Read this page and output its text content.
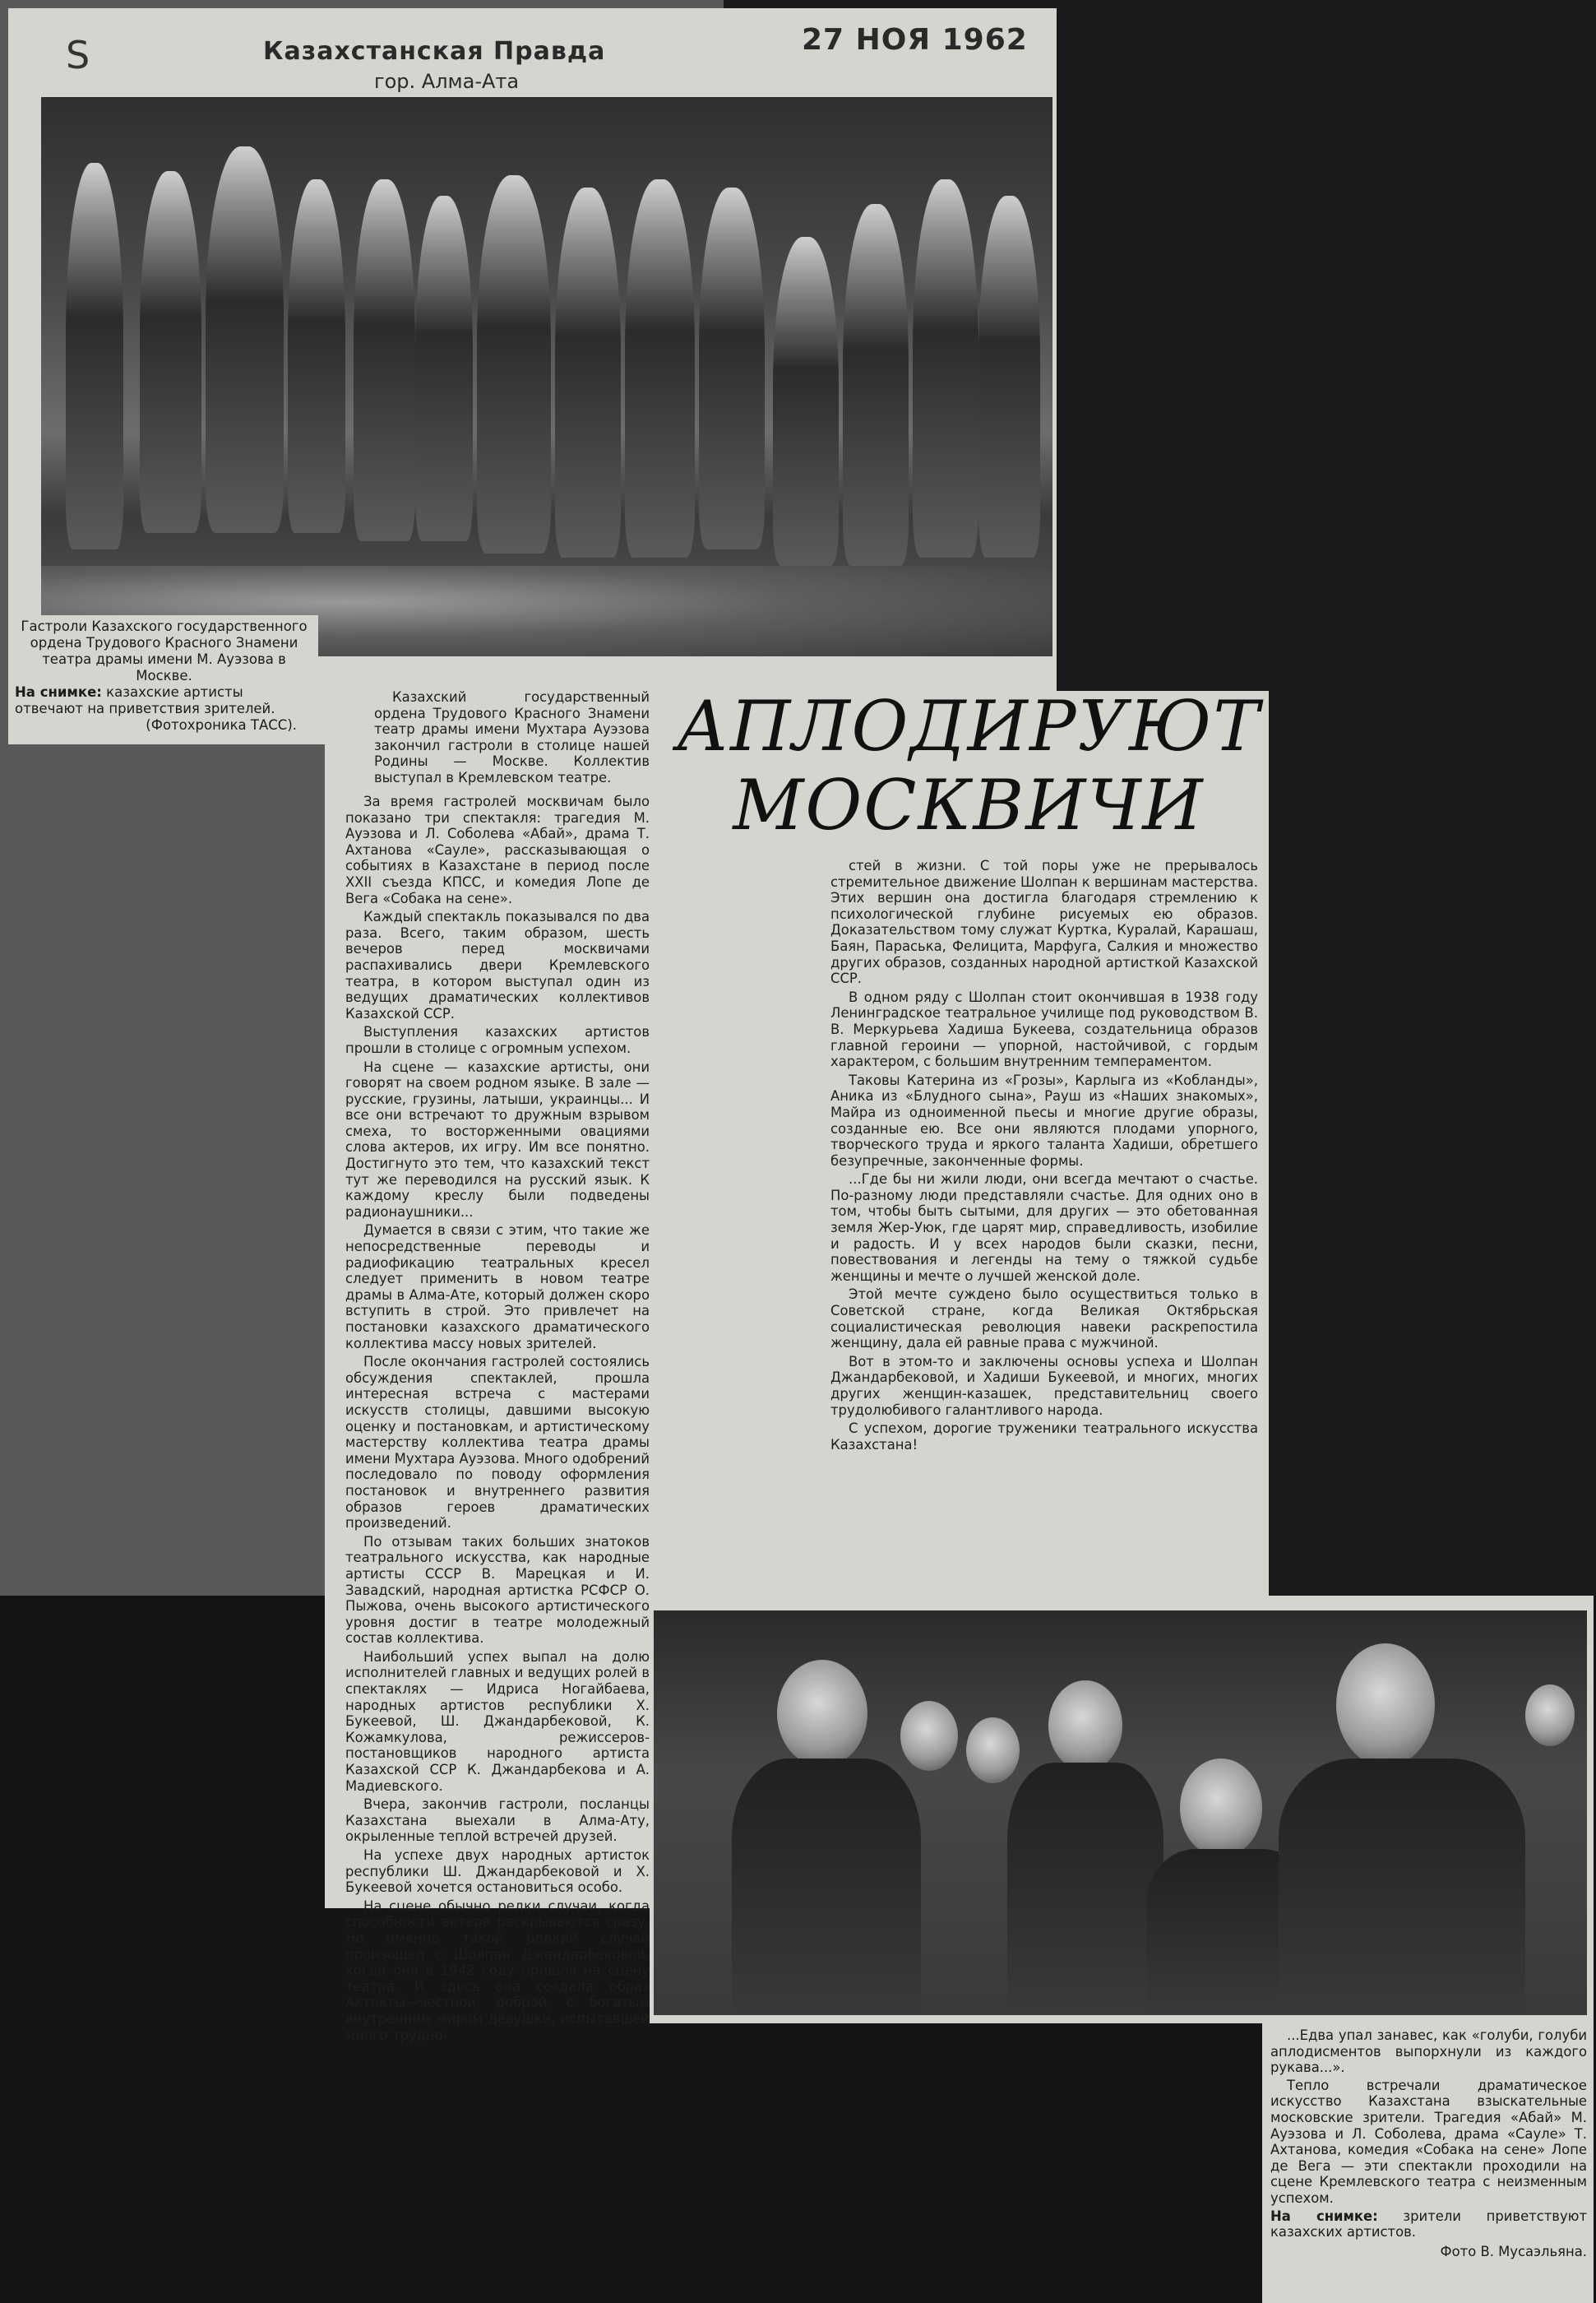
S	Казахстанская Правда
гор. Алма-Ата
27 НОЯ 1962
Гастроли Казахского государственного ордена Трудового Красного Знамени театра драмы имени М. Ауэзова в Москве.
На снимке: казахские артисты отвечают на приветствия зрителей.
(Фотохроника ТАСС).	АПЛОДИРУЮТ
МОСКВИЧИ

Казахский государственный ордена Трудового Красного Знамени театр драмы имени Мухтара Ауэзова закончил гастроли в столице нашей Родины — Москве. Коллектив выступал в Кремлевском театре.

За время гастролей москвичам было показано три спектакля: трагедия М. Ауэзова и Л. Соболева «Абай», драма Т. Ахтанова «Сауле», рассказывающая о событиях в Казахстане в период после XXII съезда КПСС, и комедия Лопе де Вега «Собака на сене».

Каждый спектакль показывался по два раза. Всего, таким образом, шесть вечеров перед москвичами распахивались двери Кремлевского театра, в котором выступал один из ведущих драматических коллективов Казахской ССР.

Выступления казахских артистов прошли в столице с огромным успехом.

На сцене — казахские артисты, они говорят на своем родном языке. В зале — русские, грузины, латыши, украинцы... И все они встречают то дружным взрывом смеха, то восторженными овациями слова актеров, их игру. Им все понятно. Достигнуто это тем, что казахский текст тут же переводился на русский язык. К каждому креслу были подведены радионаушники...

Думается в связи с этим, что такие же непосредственные переводы и радиофикацию театральных кресел следует применить в новом театре драмы в Алма-Ате, который должен скоро вступить в строй. Это привлечет на постановки казахского драматического коллектива массу новых зрителей.

После окончания гастролей состоялись обсуждения спектаклей, прошла интересная встреча с мастерами искусств столицы, давшими высокую оценку и постановкам, и артистическому мастерству коллектива театра драмы имени Мухтара Ауэзова. Много одобрений последовало по поводу оформления постановок и внутреннего развития образов героев драматических произведений.

По отзывам таких больших знатоков театрального искусства, как народные артисты СССР В. Марецкая и И. Завадский, народная артистка РСФСР О. Пыжова, очень высокого артистического уровня достиг в театре молодежный состав коллектива.

Наибольший успех выпал на долю исполнителей главных и ведущих ролей в спектаклях — Идриса Ногайбаева, народных артистов республики Х. Букеевой, Ш. Джандарбековой, К. Кожамкулова, режиссеров-постановщиков народного артиста Казахской ССР К. Джандарбекова и А. Мадиевского.

Вчера, закончив гастроли, посланцы Казахстана выехали в Алма-Ату, окрыленные теплой встречей друзей.

На успехе двух народных артисток республики Ш. Джандарбековой и Х. Букеевой хочется остановиться особо.

На сцене обычно редки случаи, когда способности актера раскрываются сразу. Но именно такой редкий случай произошел с Шолпан Джандарбековой, когда она в 1942 году пришла на сцену театра. И здесь она создала образ Актокты—честной, доброй, с богатым внутренним миром девушки, испытавшей много трудно-

стей в жизни. С той поры уже не прерывалось стремительное движение Шолпан к вершинам мастерства. Этих вершин она достигла благодаря стремлению к психологической глубине рисуемых ею образов. Доказательством тому служат Куртка, Куралай, Карашаш, Баян, Параська, Фелицита, Марфуга, Салкия и множество других образов, созданных народной артисткой Казахской ССР.

В одном ряду с Шолпан стоит окончившая в 1938 году Ленинградское театральное училище под руководством В. В. Меркурьева Хадиша Букеева, создательница образов главной героини — упорной, настойчивой, с гордым характером, с большим внутренним темпераментом.

Таковы Катерина из «Грозы», Карлыга из «Кобланды», Аника из «Блудного сына», Рауш из «Наших знакомых», Майра из одноименной пьесы и многие другие образы, созданные ею. Все они являются плодами упорного, творческого труда и яркого таланта Хадиши, обретшего безупречные, законченные формы.

...Где бы ни жили люди, они всегда мечтают о счастье. По-разному люди представляли счастье. Для одних оно в том, чтобы быть сытыми, для других — это обетованная земля Жер-Уюк, где царят мир, справедливость, изобилие и радость. И у всех народов были сказки, песни, повествования и легенды на тему о тяжкой судьбе женщины и мечте о лучшей женской доле.

Этой мечте суждено было осуществиться только в Советской стране, когда Великая Октябрьская социалистическая революция навеки раскрепостила женщину, дала ей равные права с мужчиной.

Вот в этом-то и заключены основы успеха и Шолпан Джандарбековой, и Хадиши Букеевой, и многих, многих других женщин-казашек, представительниц своего трудолюбивого галантливого народа.

С успехом, дорогие труженики театрального искусства Казахстана!

...Едва упал занавес, как «голуби, голуби аплодисментов выпорхнули из каждого рукава...».

Тепло встречали драматическое искусство Казахстана взыскательные московские зрители. Трагедия «Абай» М. Ауэзова и Л. Соболева, драма «Сауле» Т. Ахтанова, комедия «Собака на сене» Лопе де Вега — эти спектакли проходили на сцене Кремлевского театра с неизменным успехом.

На снимке: зрители приветствуют казахских артистов.
Фото В. Мусаэльяна.
